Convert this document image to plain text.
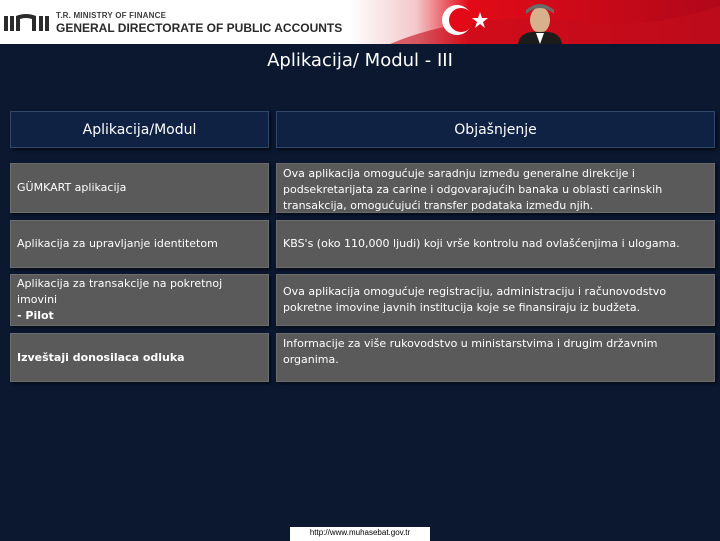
T.R. MINISTRY OF FINANCE
GENERAL DIRECTORATE OF PUBLIC ACCOUNTS
Aplikacija/ Modul - III
Aplikacija/Modul	Objašnjenje
GÜMKART aplikacija
Ova aplikacija omogućuje saradnju između generalne direkcije i podsekretarijata za carine i odgovarajućih banaka u oblasti carinskih transakcija, omogućujući transfer podataka između njih.
Aplikacija za upravljanje identitetom	KBS's (oko 110,000 ljudi) koji vrše kontrolu nad ovlašćenjima i ulogama.
Aplikacija za transakcije na pokretnoj imovini
- Pilot
Ova aplikacija omogućuje registraciju, administraciju i računovodstvo pokretne imovine javnih institucija koje se finansiraju iz budžeta.
Izveštaji donosilaca odluka
Informacije za više rukovodstvo u ministarstvima i drugim državnim organima.
http://www.muhasebat.gov.tr
